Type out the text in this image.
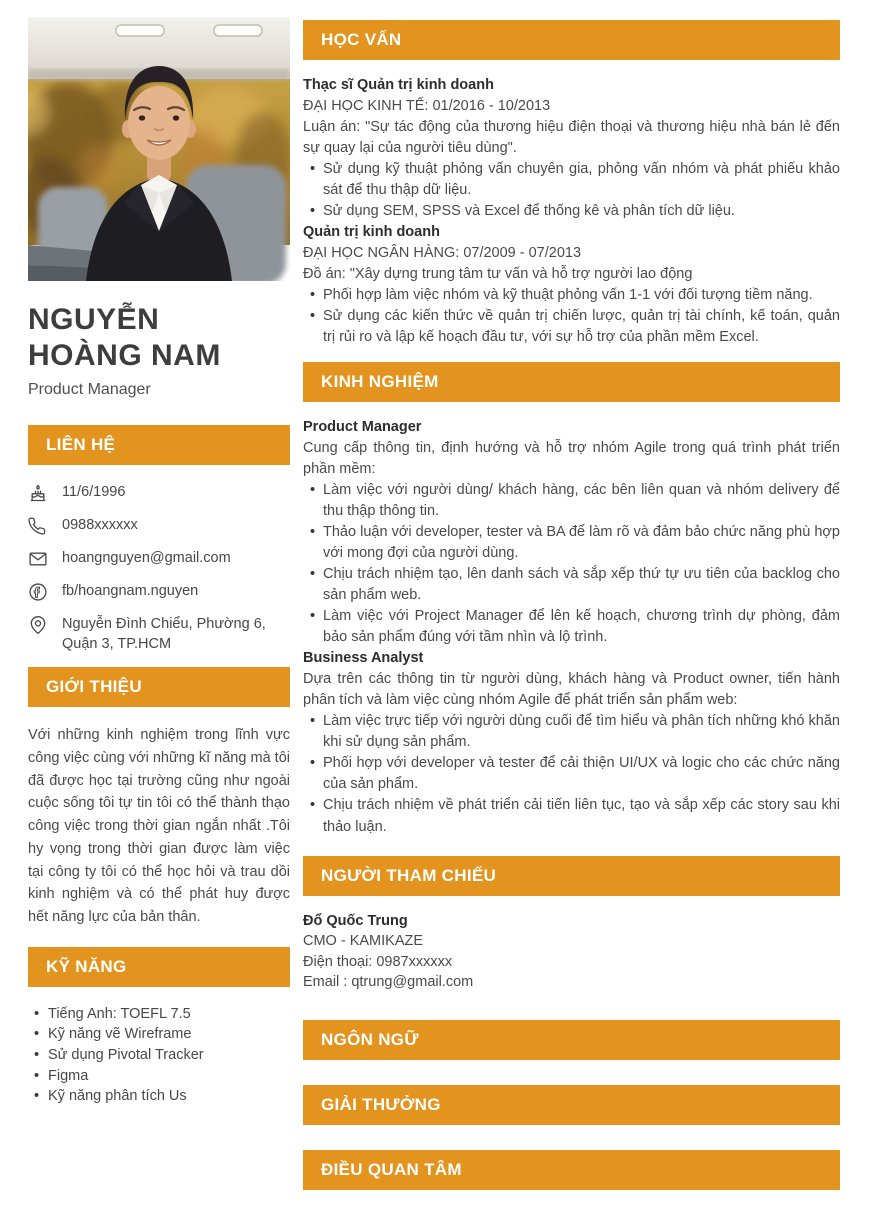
NGUYỄN
HOÀNG NAM
Product Manager
LIÊN HỆ
11/6/1996
0988xxxxxx
hoangnguyen@gmail.com
fb/hoangnam.nguyen
Nguyễn Đình Chiểu, Phường 6, Quận 3, TP.HCM
GIỚI THIỆU

Với những kinh nghiệm trong lĩnh vực công việc cùng với những kĩ năng mà tôi đã được học tại trường cũng như ngoài cuộc sống tôi tự tin tôi có thể thành thạo công việc trong thời gian ngắn nhất .Tôi hy vọng trong thời gian được làm việc tại công ty tôi có thể học hỏi và trau dồi kinh nghiệm và có thể phát huy được hết năng lực của bản thân.

KỸ NĂNG
• Tiếng Anh: TOEFL 7.5
• Kỹ năng vẽ Wireframe
• Sử dụng Pivotal Tracker
• Figma
• Kỹ năng phân tích Us
HỌC VẤN
Thạc sĩ Quản trị kinh doanh
ĐẠI HỌC KINH TẾ: 01/2016 - 10/2013

Luận án: "Sự tác động của thương hiệu điện thoại và thương hiệu nhà bán lẻ đến sự quay lại của người tiêu dùng".

• Sử dụng kỹ thuật phỏng vấn chuyên gia, phỏng vấn nhóm và phát phiếu khảo sát để thu thập dữ liệu.
• Sử dụng SEM, SPSS và Excel để thống kê và phân tích dữ liệu.
Quản trị kinh doanh
ĐẠI HỌC NGÂN HÀNG: 07/2009 - 07/2013

Đồ án: "Xây dựng trung tâm tư vấn và hỗ trợ người lao động

• Phối hợp làm việc nhóm và kỹ thuật phỏng vấn 1-1 với đối tượng tiềm năng.
• Sử dụng các kiến thức về quản trị chiến lược, quản trị tài chính, kế toán, quản trị rủi ro và lập kế hoạch đầu tư, với sự hỗ trợ của phần mềm Excel.
KINH NGHIỆM
Product Manager

Cung cấp thông tin, định hướng và hỗ trợ nhóm Agile trong quá trình phát triển phần mềm:

• Làm việc với người dùng/ khách hàng, các bên liên quan và nhóm delivery để thu thập thông tin.
• Thảo luận với developer, tester và BA để làm rõ và đảm bảo chức năng phù hợp với mong đợi của người dùng.
• Chịu trách nhiệm tạo, lên danh sách và sắp xếp thứ tự ưu tiên của backlog cho sản phẩm web.
• Làm việc với Project Manager để lên kế hoạch, chương trình dự phòng, đảm bảo sản phẩm đúng với tầm nhìn và lộ trình.
Business Analyst

Dựa trên các thông tin từ người dùng, khách hàng và Product owner, tiến hành phân tích và làm việc cùng nhóm Agile để phát triển sản phẩm web:

• Làm việc trực tiếp với người dùng cuối để tìm hiểu và phân tích những khó khăn khi sử dụng sản phẩm.
• Phối hợp với developer và tester để cải thiện UI/UX và logic cho các chức năng của sản phẩm.
• Chịu trách nhiệm về phát triển cải tiến liên tục, tạo và sắp xếp các story sau khi thảo luận.
NGƯỜI THAM CHIẾU
Đổ Quốc Trung
CMO - KAMIKAZE
Điện thoại: 0987xxxxxx
Email : qtrung@gmail.com
NGÔN NGỮ
GIẢI THƯỞNG
ĐIỀU QUAN TÂM
